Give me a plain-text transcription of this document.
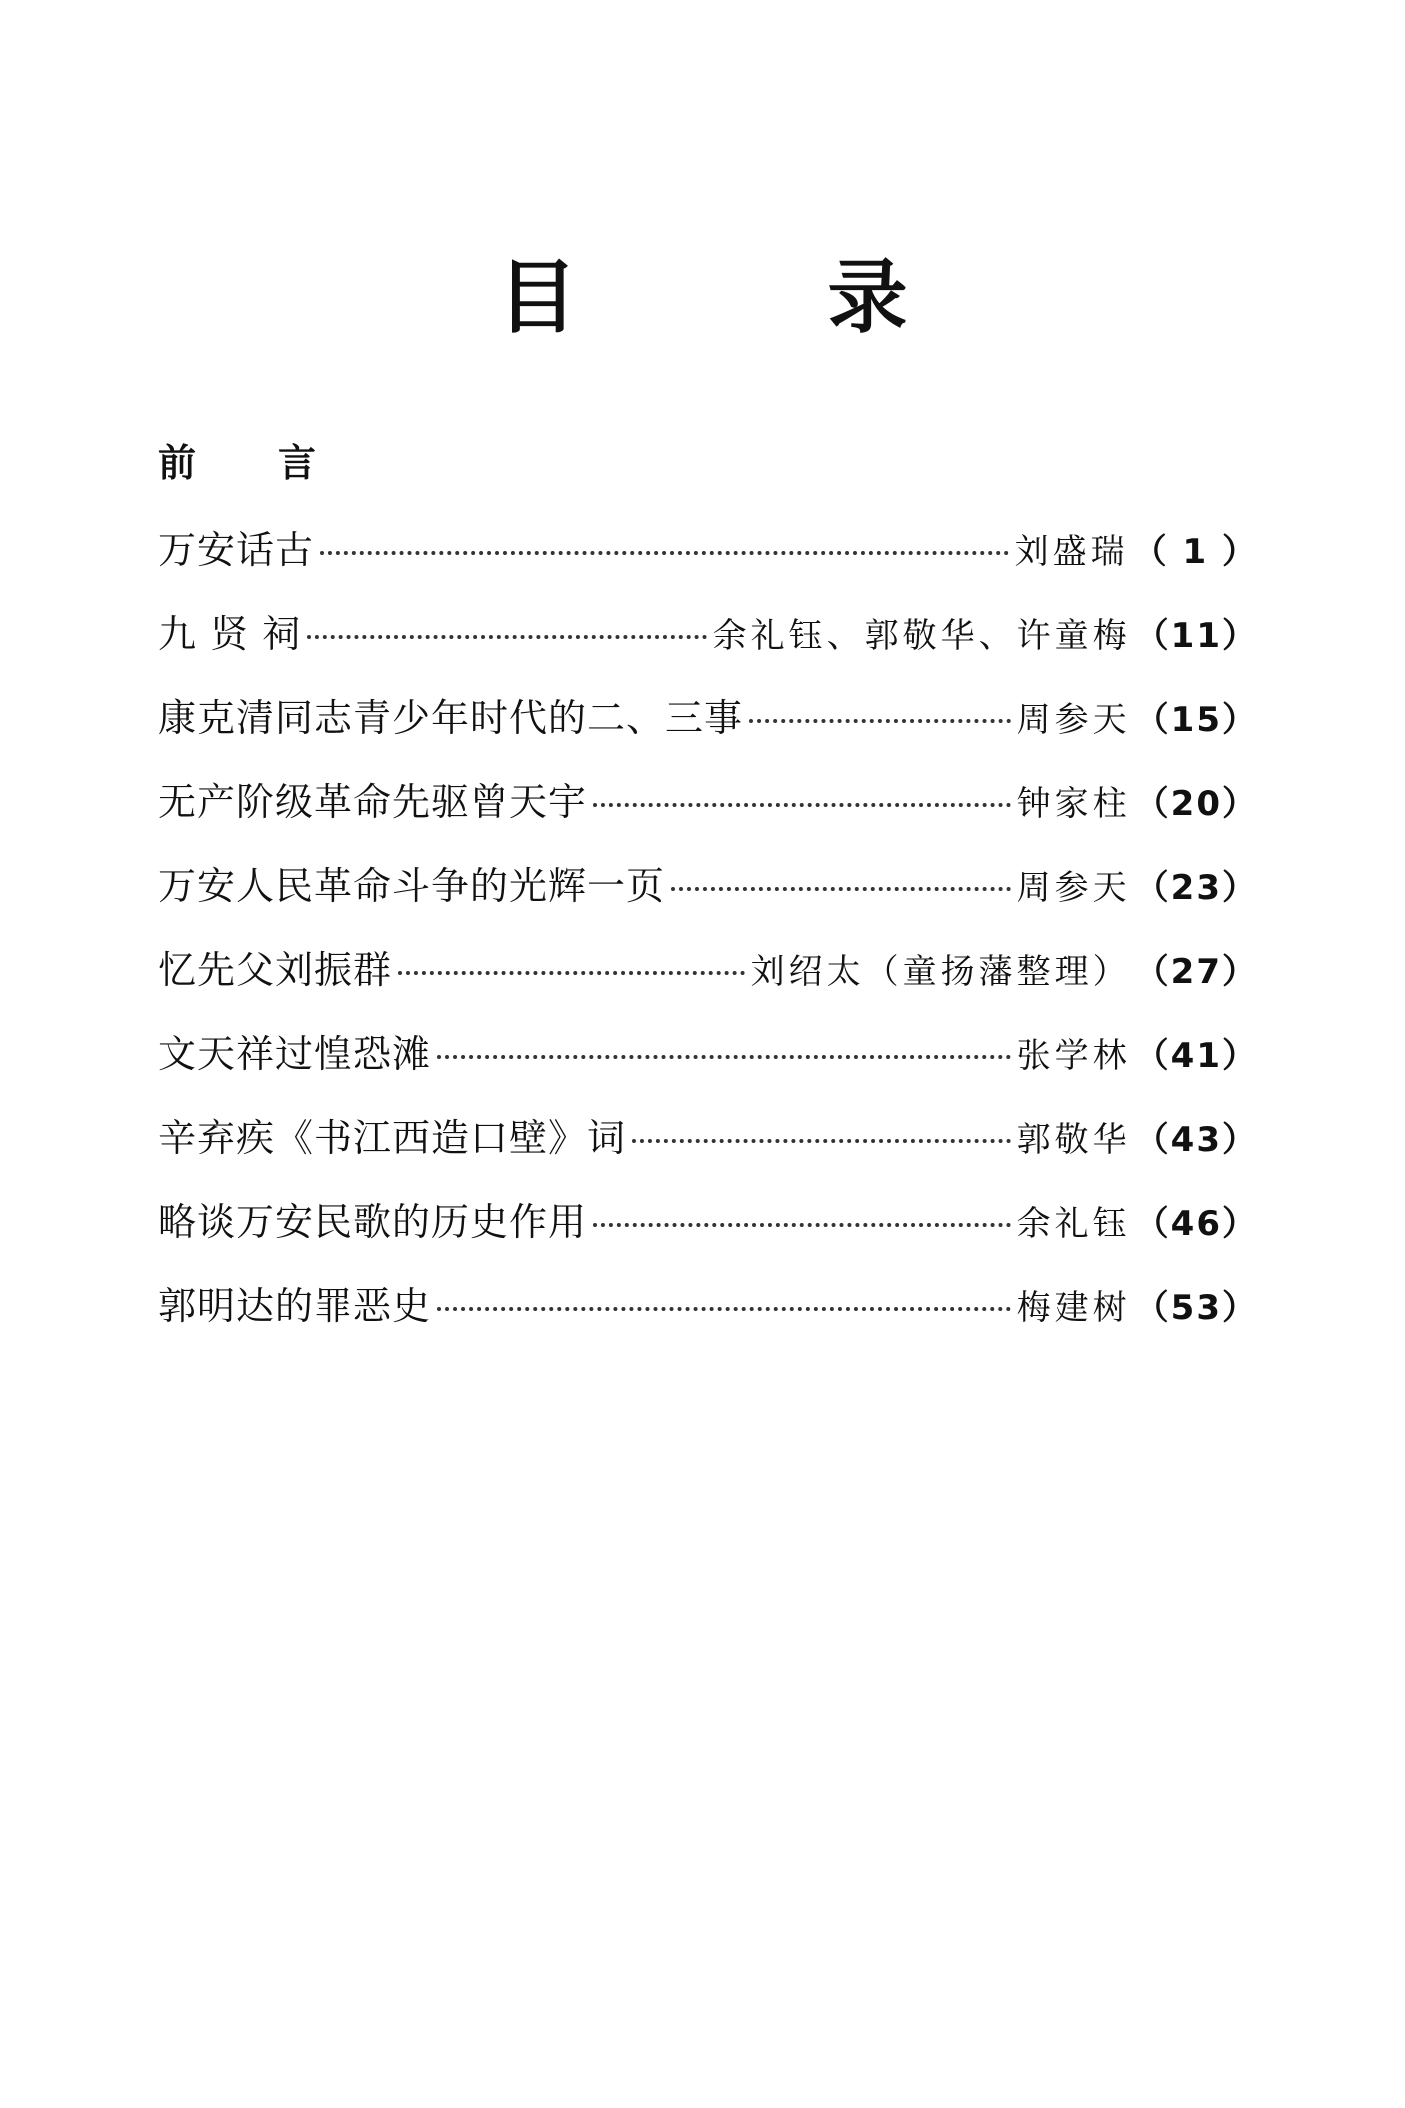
目	录
前 言
万安话古	刘盛瑞 （ 1 ）
九 贤 祠	余礼钰、郭敬华、许童梅 （11）
康克清同志青少年时代的二、三事	周参天 （15）
无产阶级革命先驱曾天宇	钟家柱 （20）
万安人民革命斗争的光辉一页	周参天 （23）
忆先父刘振群	刘绍太（童扬藩整理） （27）
文天祥过惶恐滩	张学林 （41）
辛弃疾《书江西造口壁》词	郭敬华 （43）
略谈万安民歌的历史作用	余礼钰 （46）
郭明达的罪恶史	梅建树 （53）
